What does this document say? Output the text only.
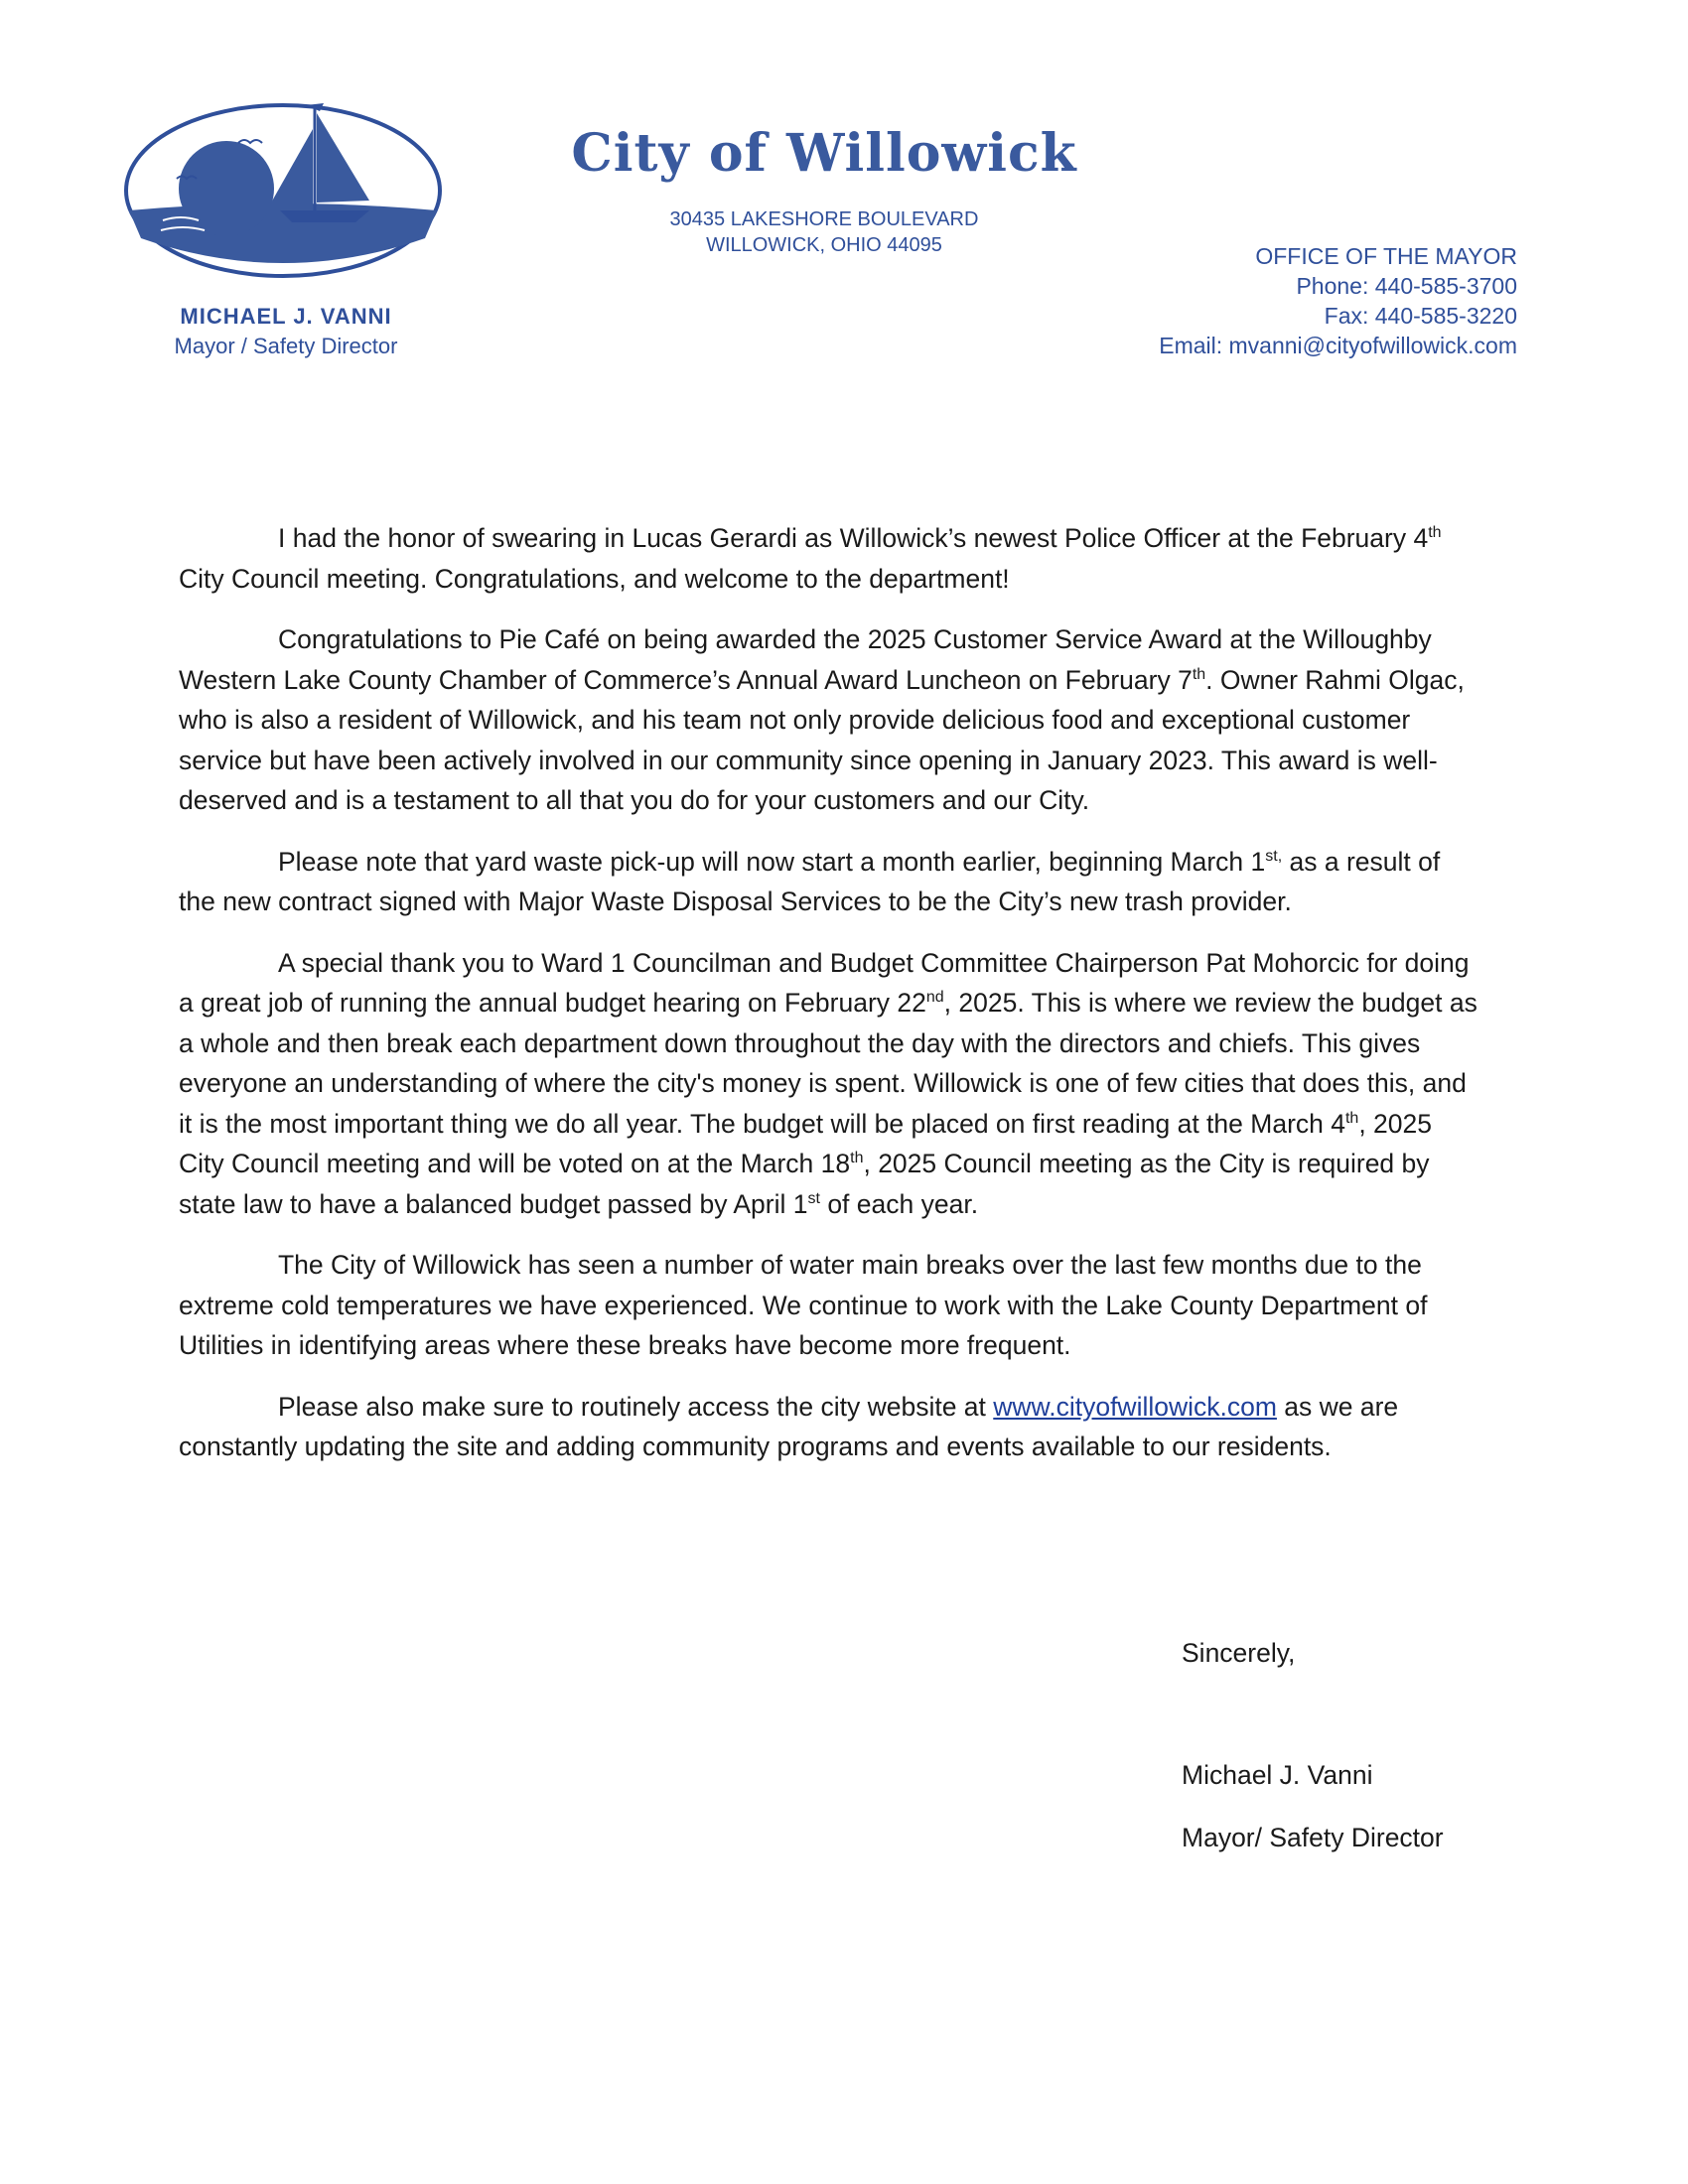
MICHAEL J. VANNI
Mayor / Safety Director
City of Willowick
30435 LAKESHORE BOULEVARD
WILLOWICK, OHIO 44095	OFFICE OF THE MAYOR
Phone: 440-585-3700
Fax: 440-585-3220
Email: mvanni@cityofwillowick.com

I had the honor of swearing in Lucas Gerardi as Willowick’s newest Police Officer at the February 4th City Council meeting. Congratulations, and welcome to the department!

Congratulations to Pie Café on being awarded the 2025 Customer Service Award at the Willoughby Western Lake County Chamber of Commerce’s Annual Award Luncheon on February 7th. Owner Rahmi Olgac, who is also a resident of Willowick, and his team not only provide delicious food and exceptional customer service but have been actively involved in our community since opening in January 2023. This award is well-deserved and is a testament to all that you do for your customers and our City.

Please note that yard waste pick-up will now start a month earlier, beginning March $1^{st,}$ as a result of the new contract signed with Major Waste Disposal Services to be the City’s new trash provider.

A special thank you to Ward 1 Councilman and Budget Committee Chairperson Pat Mohorcic for doing a great job of running the annual budget hearing on February 22nd, 2025. This is where we review the budget as a whole and then break each department down throughout the day with the directors and chiefs. This gives everyone an understanding of where the city's money is spent. Willowick is one of few cities that does this, and it is the most important thing we do all year. The budget will be placed on first reading at the March 4th, 2025 City Council meeting and will be voted on at the March 18th, 2025 Council meeting as the City is required by state law to have a balanced budget passed by April 1st of each year.

The City of Willowick has seen a number of water main breaks over the last few months due to the extreme cold temperatures we have experienced. We continue to work with the Lake County Department of Utilities in identifying areas where these breaks have become more frequent.

Please also make sure to routinely access the city website at www.cityofwillowick.com as we are constantly updating the site and adding community programs and events available to our residents.

Sincerely,
Michael J. Vanni
Mayor/ Safety Director
